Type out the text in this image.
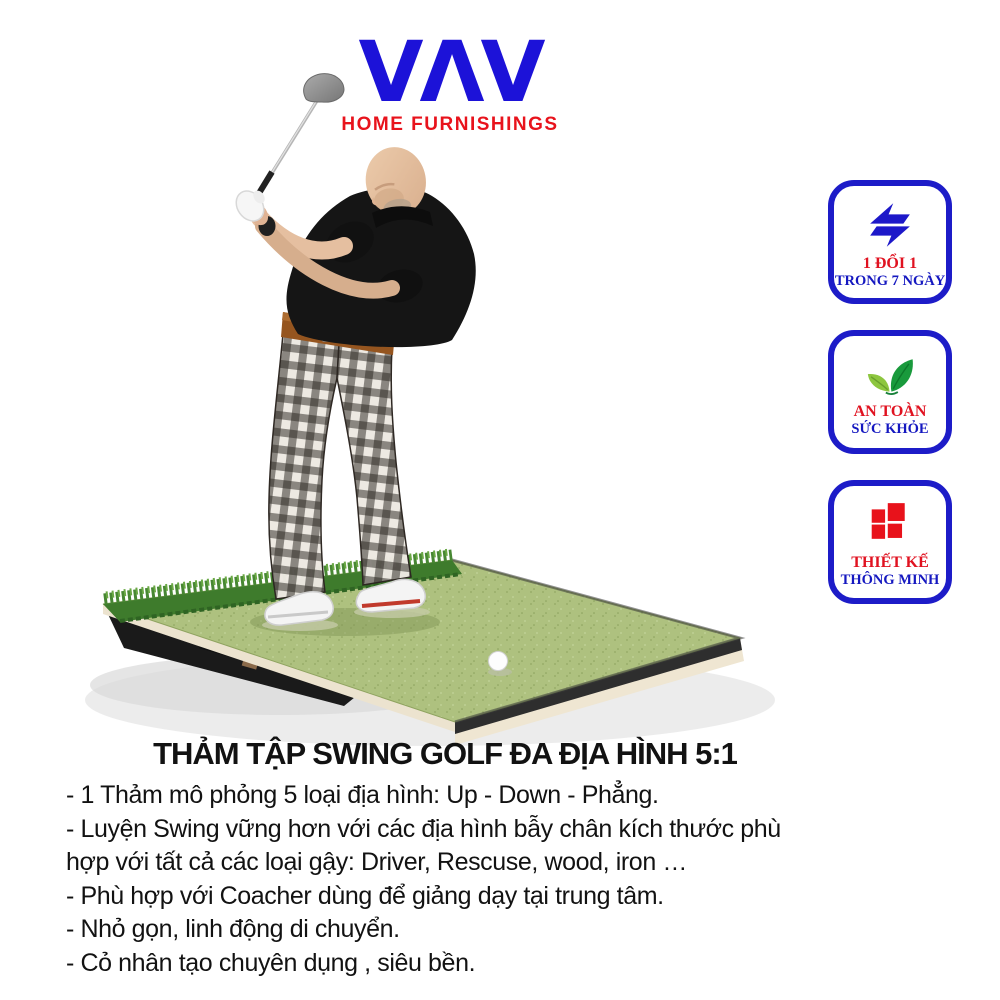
VΛV
HOME FURNISHINGS
1 ĐỔI 1
TRONG 7 NGÀY
AN TOÀN
SỨC KHỎE
THIẾT KẾ
THÔNG MINH
THẢM TẬP SWING GOLF ĐA ĐỊA HÌNH 5:1
- 1 Thảm mô phỏng 5 loại địa hình: Up - Down - Phẳng.
- Luyện Swing vững hơn với các địa hình bẫy chân kích thước phù
hợp với tất cả các loại gậy: Driver, Rescuse, wood, iron …
- Phù hợp với Coacher dùng để giảng dạy tại trung tâm.
- Nhỏ gọn, linh động di chuyển.
- Cỏ nhân tạo chuyên dụng , siêu bền.
